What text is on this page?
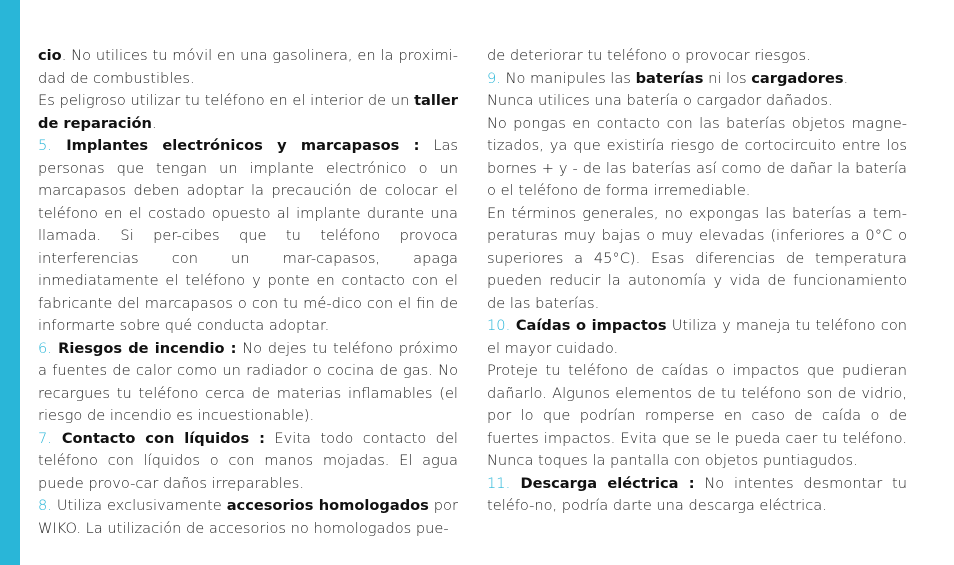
cio. No utilices tu móvil en una gasolinera, en la proximi-dad de combustibles.

Es peligroso utilizar tu teléfono en el interior de un taller de reparación.

5. Implantes electrónicos y marcapasos : Las personas que tengan un implante electrónico o un marcapasos deben adoptar la precaución de colocar el teléfono en el costado opuesto al implante durante una llamada. Si per-cibes que tu teléfono provoca interferencias con un mar-capasos, apaga inmediatamente el teléfono y ponte en contacto con el fabricante del marcapasos o con tu mé-dico con el fin de informarte sobre qué conducta adoptar.

6. Riesgos de incendio : No dejes tu teléfono próximo a fuentes de calor como un radiador o cocina de gas. No recargues tu teléfono cerca de materias inflamables (el riesgo de incendio es incuestionable).

7. Contacto con líquidos : Evita todo contacto del teléfono con líquidos o con manos mojadas. El agua puede provo-car daños irreparables.

8. Utiliza exclusivamente accesorios homologados por WIKO. La utilización de accesorios no homologados pue-

de deteriorar tu teléfono o provocar riesgos.

9. No manipules las baterías ni los cargadores.

Nunca utilices una batería o cargador dañados.

No pongas en contacto con las baterías objetos magne-tizados, ya que existiría riesgo de cortocircuito entre los bornes + y - de las baterías así como de dañar la batería o el teléfono de forma irremediable.

En términos generales, no expongas las baterías a tem-peraturas muy bajas o muy elevadas (inferiores a 0°C o superiores a 45°C). Esas diferencias de temperatura pueden reducir la autonomía y vida de funcionamiento de las baterías.

10. Caídas o impactos Utiliza y maneja tu teléfono con el mayor cuidado.

Proteje tu teléfono de caídas o impactos que pudieran dañarlo. Algunos elementos de tu teléfono son de vidrio, por lo que podrían romperse en caso de caída o de fuertes impactos. Evita que se le pueda caer tu teléfono. Nunca toques la pantalla con objetos puntiagudos.

11. Descarga eléctrica : No intentes desmontar tu teléfo-no, podría darte una descarga eléctrica.
